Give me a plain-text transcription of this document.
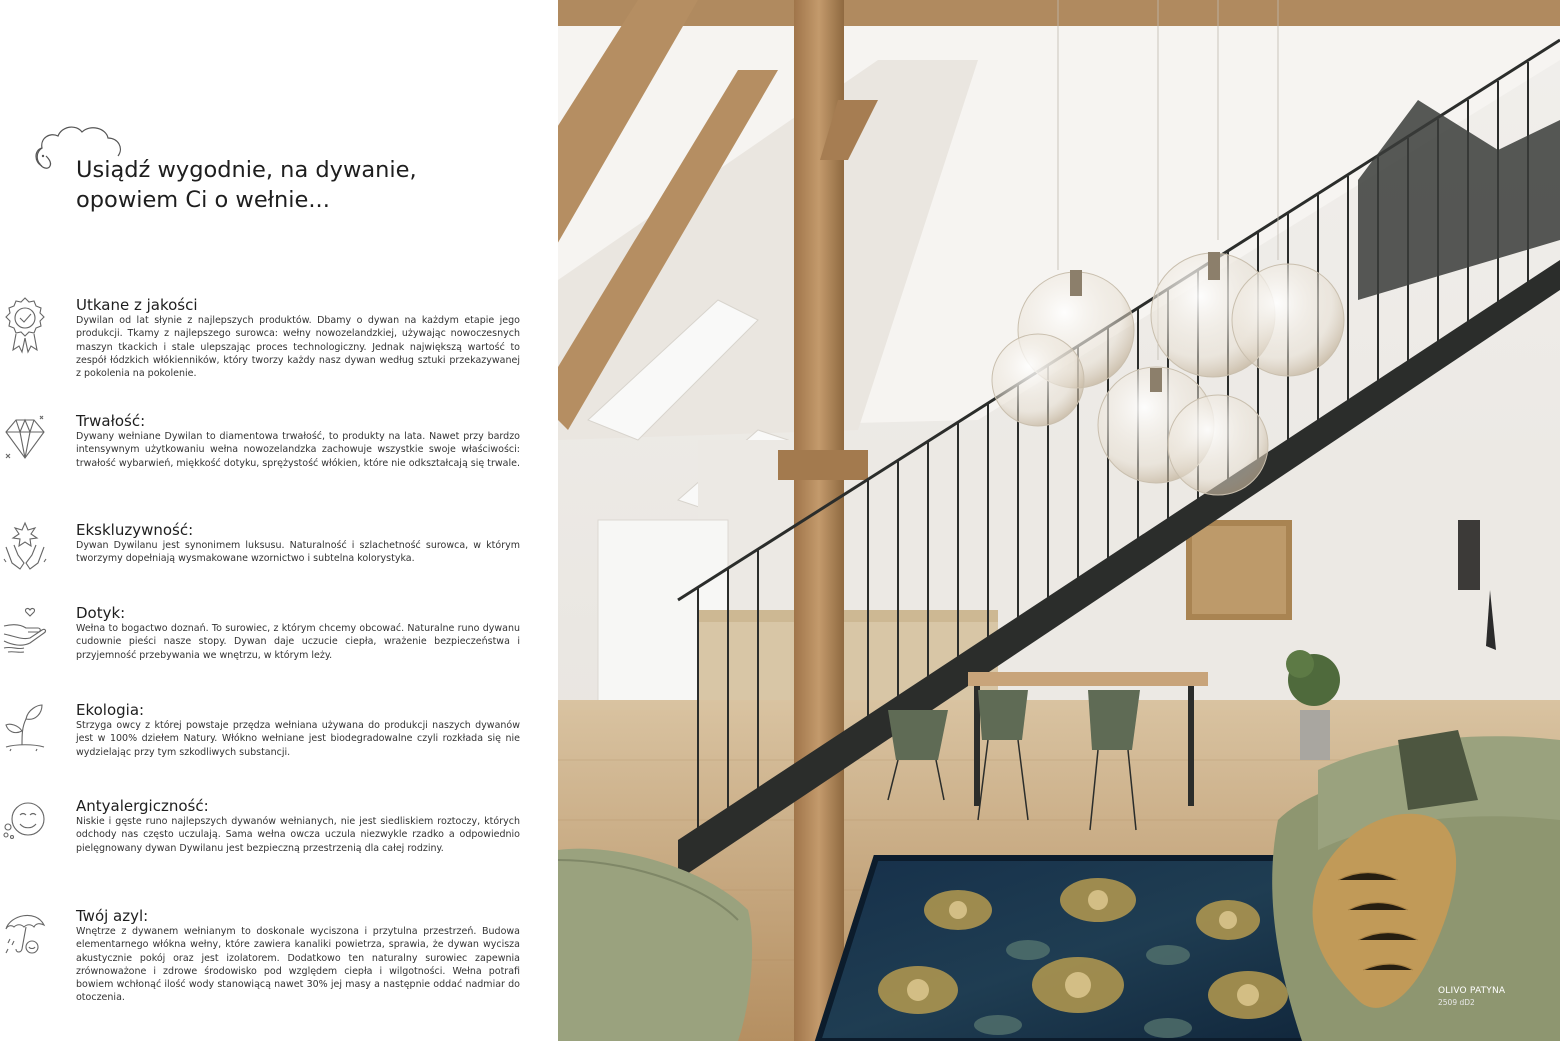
Usiądź wygodnie, na dywanie,
opowiem Ci o wełnie...
Utkane z jakości

Dywilan od lat słynie z najlepszych produktów. Dbamy o dywan na każdym etapie jego produkcji. Tkamy z najlepszego surowca: wełny nowozelandzkiej, używając nowoczesnych maszyn tkackich i stale ulepszając proces technologiczny. Jednak największą wartość to zespół łódzkich włókienników, który tworzy każdy nasz dywan według sztuki przekazywanej z pokolenia na pokolenie.

Trwałość:

Dywany wełniane Dywilan to diamentowa trwałość, to produkty na lata. Nawet przy bardzo intensywnym użytkowaniu wełna nowozelandzka zachowuje wszystkie swoje właściwości: trwałość wybarwień, miękkość dotyku, sprężystość włókien, które nie odkształcają się trwale.

Ekskluzywność:

Dywan Dywilanu jest synonimem luksusu. Naturalność i szlachetność surowca, w którym tworzymy dopełniają wysmakowane wzornictwo i subtelna kolorystyka.

Dotyk:

Wełna to bogactwo doznań. To surowiec, z którym chcemy obcować. Naturalne runo dywanu cudownie pieści nasze stopy. Dywan daje uczucie ciepła, wrażenie bezpieczeństwa i przyjemność przebywania we wnętrzu, w którym leży.

Ekologia:

Strzyga owcy z której powstaje przędza wełniana używana do produkcji naszych dywanów jest w 100% dziełem Natury. Włókno wełniane jest biodegradowalne czyli rozkłada się nie wydzielając przy tym szkodliwych substancji.

Antyalergiczność:

Niskie i gęste runo najlepszych dywanów wełnianych, nie jest siedliskiem roztoczy, których odchody nas często uczulają. Sama wełna owcza uczula niezwykle rzadko a odpowiednio pielęgnowany dywan Dywilanu jest bezpieczną przestrzenią dla całej rodziny.

Twój azyl:

Wnętrze z dywanem wełnianym to doskonale wyciszona i przytulna przestrzeń. Budowa elementarnego włókna wełny, które zawiera kanaliki powietrza, sprawia, że dywan wycisza akustycznie pokój oraz jest izolatorem. Dodatkowo ten naturalny surowiec zapewnia zrównoważone i zdrowe środowisko pod względem ciepła i wilgotności. Wełna potrafi bowiem wchłonąć ilość wody stanowiącą nawet 30% jej masy a następnie oddać nadmiar do otoczenia.

OLIVO PATYNA
2509 dD2
